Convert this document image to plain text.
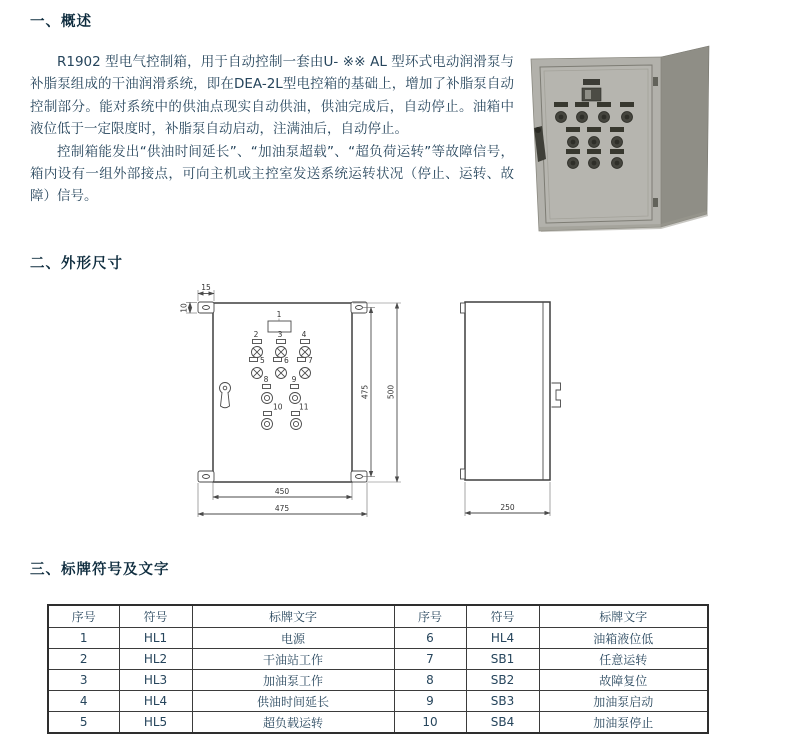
一、概述

R1902 型电气控制箱，用于自动控制一套由U- ※※ AL 型环式电动润滑泵与补脂泵组成的干油润滑系统，即在DEA-2L型电控箱的基础上，增加了补脂泵自动控制部分。能对系统中的供油点现实自动供油，供油完成后，自动停止。油箱中液位低于一定限度时，补脂泵自动启动，注满油后，自动停止。

控制箱能发出“供油时间延长”、“加油泵超载”、“超负荷运转”等故障信号，箱内设有一组外部接点，可向主机或主控室发送系统运转状况（停止、运转、故障）信号。

二、外形尺寸
1
2	3	4
5	6	7
8	9
10 11
15
10
475 500
450
475	250
三、标牌符号及文字
序号	符号	标牌文字	序号	符号	标牌文字
1	HL1	电源	6	HL4	油箱液位低
2	HL2	干油站工作	7	SB1	任意运转
3	HL3	加油泵工作	8	SB2	故障复位
4	HL4	供油时间延长	9	SB3	加油泵启动
5	HL5	超负载运转	10	SB4	加油泵停止
